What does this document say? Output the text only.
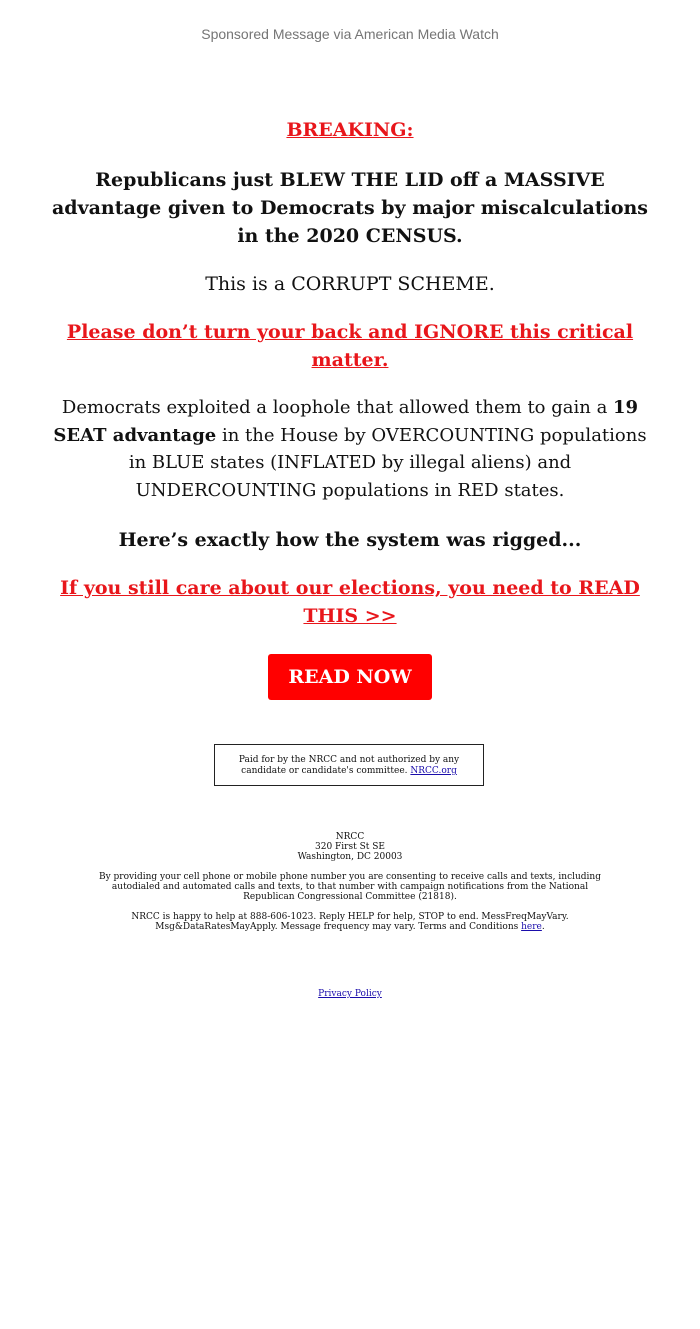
Sponsored Message via American Media Watch
BREAKING:
Republicans just BLEW THE LID off a MASSIVE advantage given to Democrats by major miscalculations in the 2020 CENSUS.
This is a CORRUPT SCHEME.
Please don’t turn your back and IGNORE this critical matter.
Democrats exploited a loophole that allowed them to gain a 19 SEAT advantage in the House by OVERCOUNTING populations in BLUE states (INFLATED by illegal aliens) and UNDERCOUNTING populations in RED states.
Here’s exactly how the system was rigged...
If you still care about our elections, you need to READ THIS >>
READ NOW
Paid for by the NRCC and not authorized by any candidate or candidate's committee. NRCC.org
NRCC
320 First St SE
Washington, DC 20003
By providing your cell phone or mobile phone number you are consenting to receive calls and texts, including autodialed and automated calls and texts, to that number with campaign notifications from the National Republican Congressional Committee (21818).
NRCC is happy to help at 888-606-1023. Reply HELP for help, STOP to end. MessFreqMayVary. Msg&DataRatesMayApply. Message frequency may vary. Terms and Conditions here.
Privacy Policy
